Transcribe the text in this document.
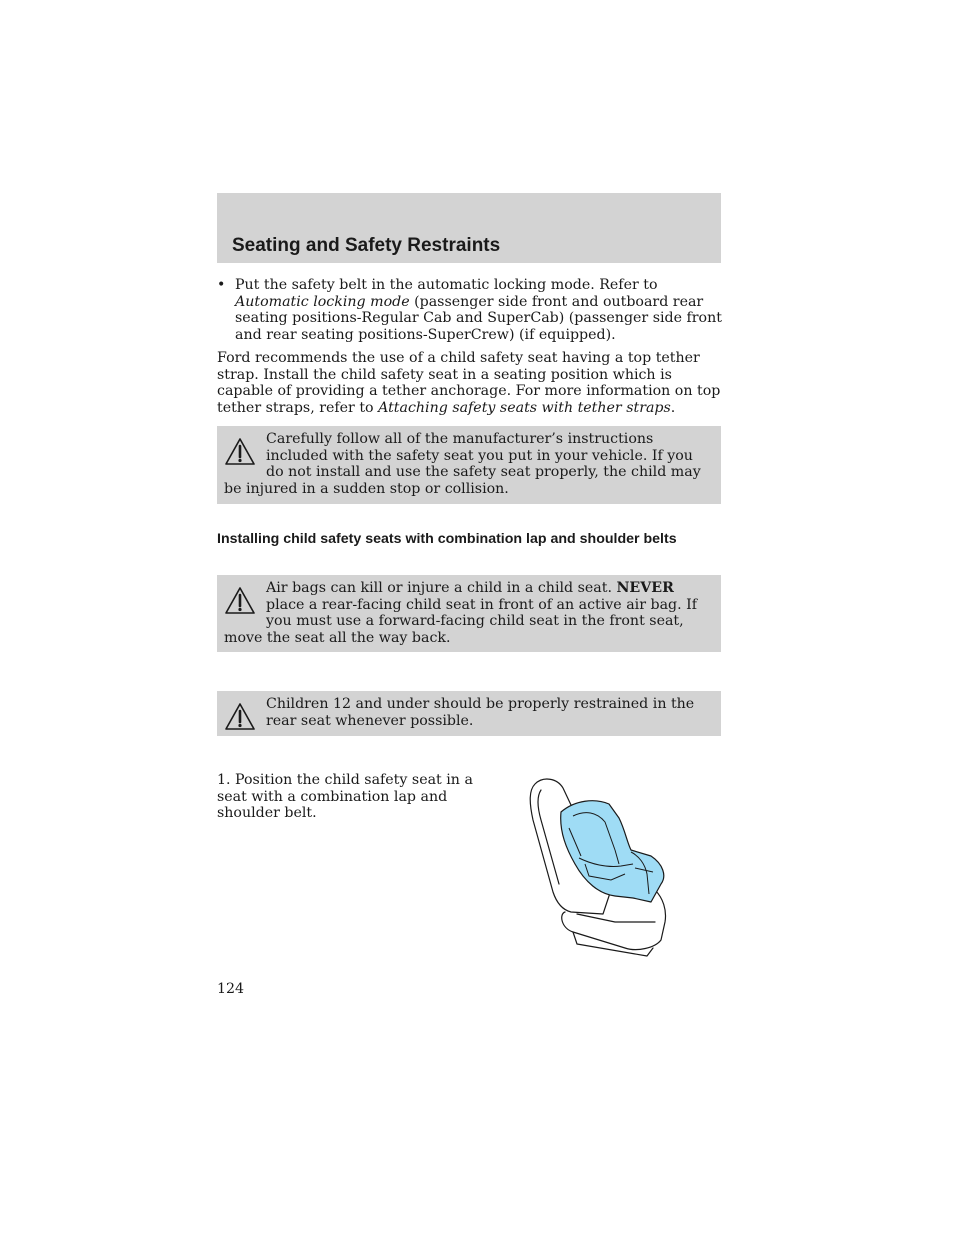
Seating and Safety Restraints
• Put the safety belt in the automatic locking mode. Refer to Automatic locking mode (passenger side front and outboard rear seating positions-Regular Cab and SuperCab) (passenger side front and rear seating positions-SuperCrew) (if equipped).
Ford recommends the use of a child safety seat having a top tether strap. Install the child safety seat in a seating position which is capable of providing a tether anchorage. For more information on top tether straps, refer to Attaching safety seats with tether straps.
Carefully follow all of the manufacturer’s instructions included with the safety seat you put in your vehicle. If you do not install and use the safety seat properly, the child may be injured in a sudden stop or collision.
Installing child safety seats with combination lap and shoulder belts
Air bags can kill or injure a child in a child seat. NEVER place a rear-facing child seat in front of an active air bag. If you must use a forward-facing child seat in the front seat, move the seat all the way back.
Children 12 and under should be properly restrained in the rear seat whenever possible.
1. Position the child safety seat in a seat with a combination lap and shoulder belt.
124
